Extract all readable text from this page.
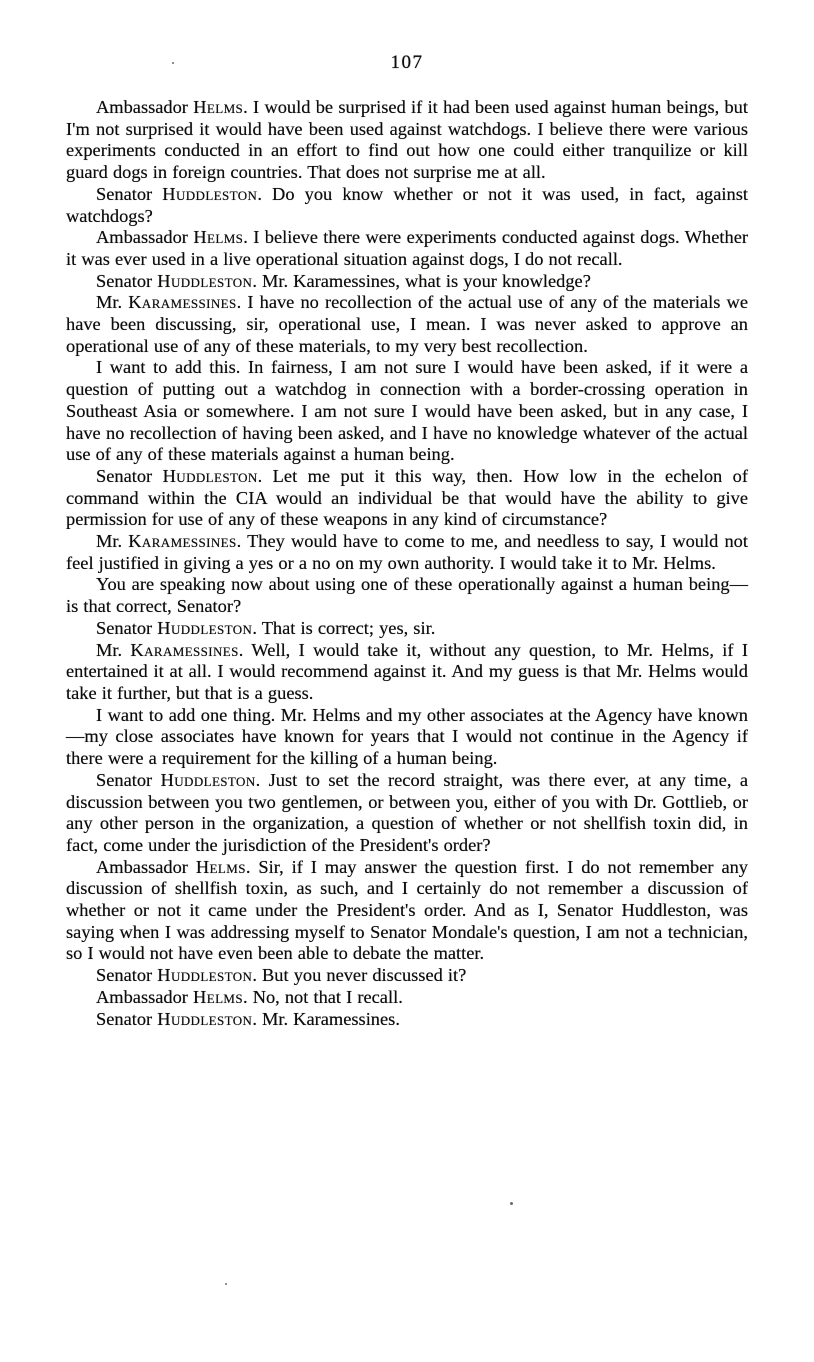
107

Ambassador Helms. I would be surprised if it had been used against human beings, but I'm not surprised it would have been used against watchdogs. I believe there were various experiments conducted in an effort to find out how one could either tranquilize or kill guard dogs in foreign countries. That does not surprise me at all.

Senator Huddleston. Do you know whether or not it was used, in fact, against watchdogs?

Ambassador Helms. I believe there were experiments conducted against dogs. Whether it was ever used in a live operational situation against dogs, I do not recall.

Senator Huddleston. Mr. Karamessines, what is your knowledge?

Mr. Karamessines. I have no recollection of the actual use of any of the materials we have been discussing, sir, operational use, I mean. I was never asked to approve an operational use of any of these materials, to my very best recollection.

I want to add this. In fairness, I am not sure I would have been asked, if it were a question of putting out a watchdog in connection with a border-crossing operation in Southeast Asia or somewhere. I am not sure I would have been asked, but in any case, I have no recollection of having been asked, and I have no knowledge whatever of the actual use of any of these materials against a human being.

Senator Huddleston. Let me put it this way, then. How low in the echelon of command within the CIA would an individual be that would have the ability to give permission for use of any of these weapons in any kind of circumstance?

Mr. Karamessines. They would have to come to me, and needless to say, I would not feel justified in giving a yes or a no on my own authority. I would take it to Mr. Helms.

You are speaking now about using one of these operationally against a human being—is that correct, Senator?

Senator Huddleston. That is correct; yes, sir.

Mr. Karamessines. Well, I would take it, without any question, to Mr. Helms, if I entertained it at all. I would recommend against it. And my guess is that Mr. Helms would take it further, but that is a guess.

I want to add one thing. Mr. Helms and my other associates at the Agency have known—my close associates have known for years that I would not continue in the Agency if there were a requirement for the killing of a human being.

Senator Huddleston. Just to set the record straight, was there ever, at any time, a discussion between you two gentlemen, or between you, either of you with Dr. Gottlieb, or any other person in the organization, a question of whether or not shellfish toxin did, in fact, come under the jurisdiction of the President's order?

Ambassador Helms. Sir, if I may answer the question first. I do not remember any discussion of shellfish toxin, as such, and I certainly do not remember a discussion of whether or not it came under the President's order. And as I, Senator Huddleston, was saying when I was addressing myself to Senator Mondale's question, I am not a technician, so I would not have even been able to debate the matter.

Senator Huddleston. But you never discussed it?

Ambassador Helms. No, not that I recall.

Senator Huddleston. Mr. Karamessines.
